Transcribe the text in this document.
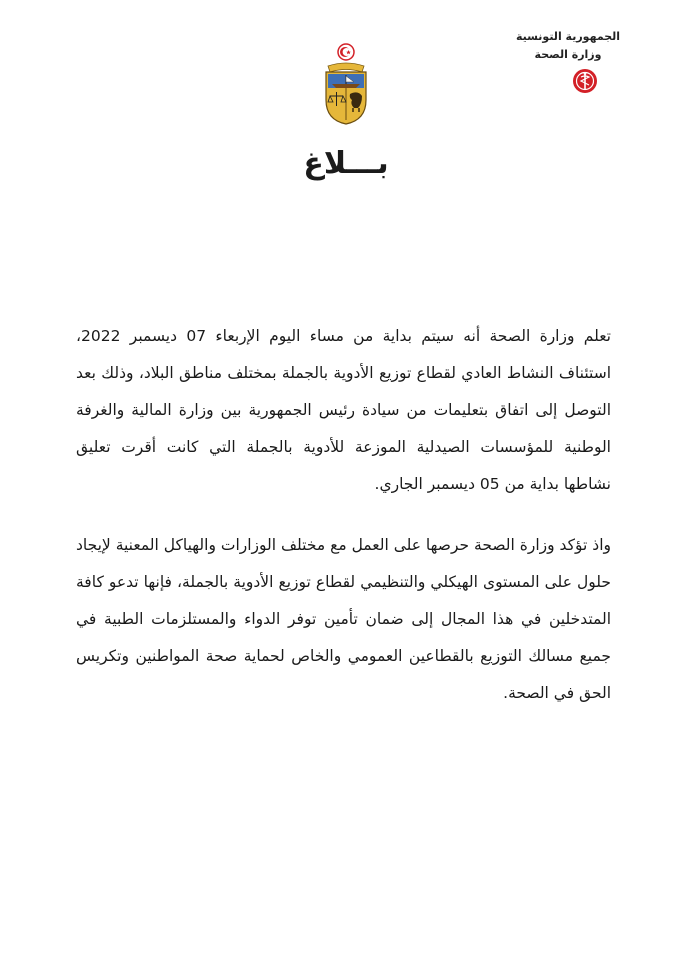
الجمهورية التونسية
وزارة الصحة
بـــلاغ
تعلم وزارة الصحة أنه سيتم بداية من مساء اليوم الإربعاء 07 ديسمبر 2022، استئناف النشاط العادي لقطاع توزيع الأدوية بالجملة بمختلف مناطق البلاد، وذلك بعد التوصل إلى اتفاق بتعليمات من سيادة رئيس الجمهورية بين وزارة المالية والغرفة الوطنية للمؤسسات الصيدلية الموزعة للأدوية بالجملة التي كانت أقرت تعليق نشاطها بداية من 05 ديسمبر الجاري.
واذ تؤكد وزارة الصحة حرصها على العمل مع مختلف الوزارات والهياكل المعنية لإيجاد حلول على المستوى الهيكلي والتنظيمي لقطاع توزيع الأدوية بالجملة، فإنها تدعو كافة المتدخلين في هذا المجال إلى ضمان تأمين توفر الدواء والمستلزمات الطبية في جميع مسالك التوزيع بالقطاعين العمومي والخاص لحماية صحة المواطنين وتكريس الحق في الصحة.
